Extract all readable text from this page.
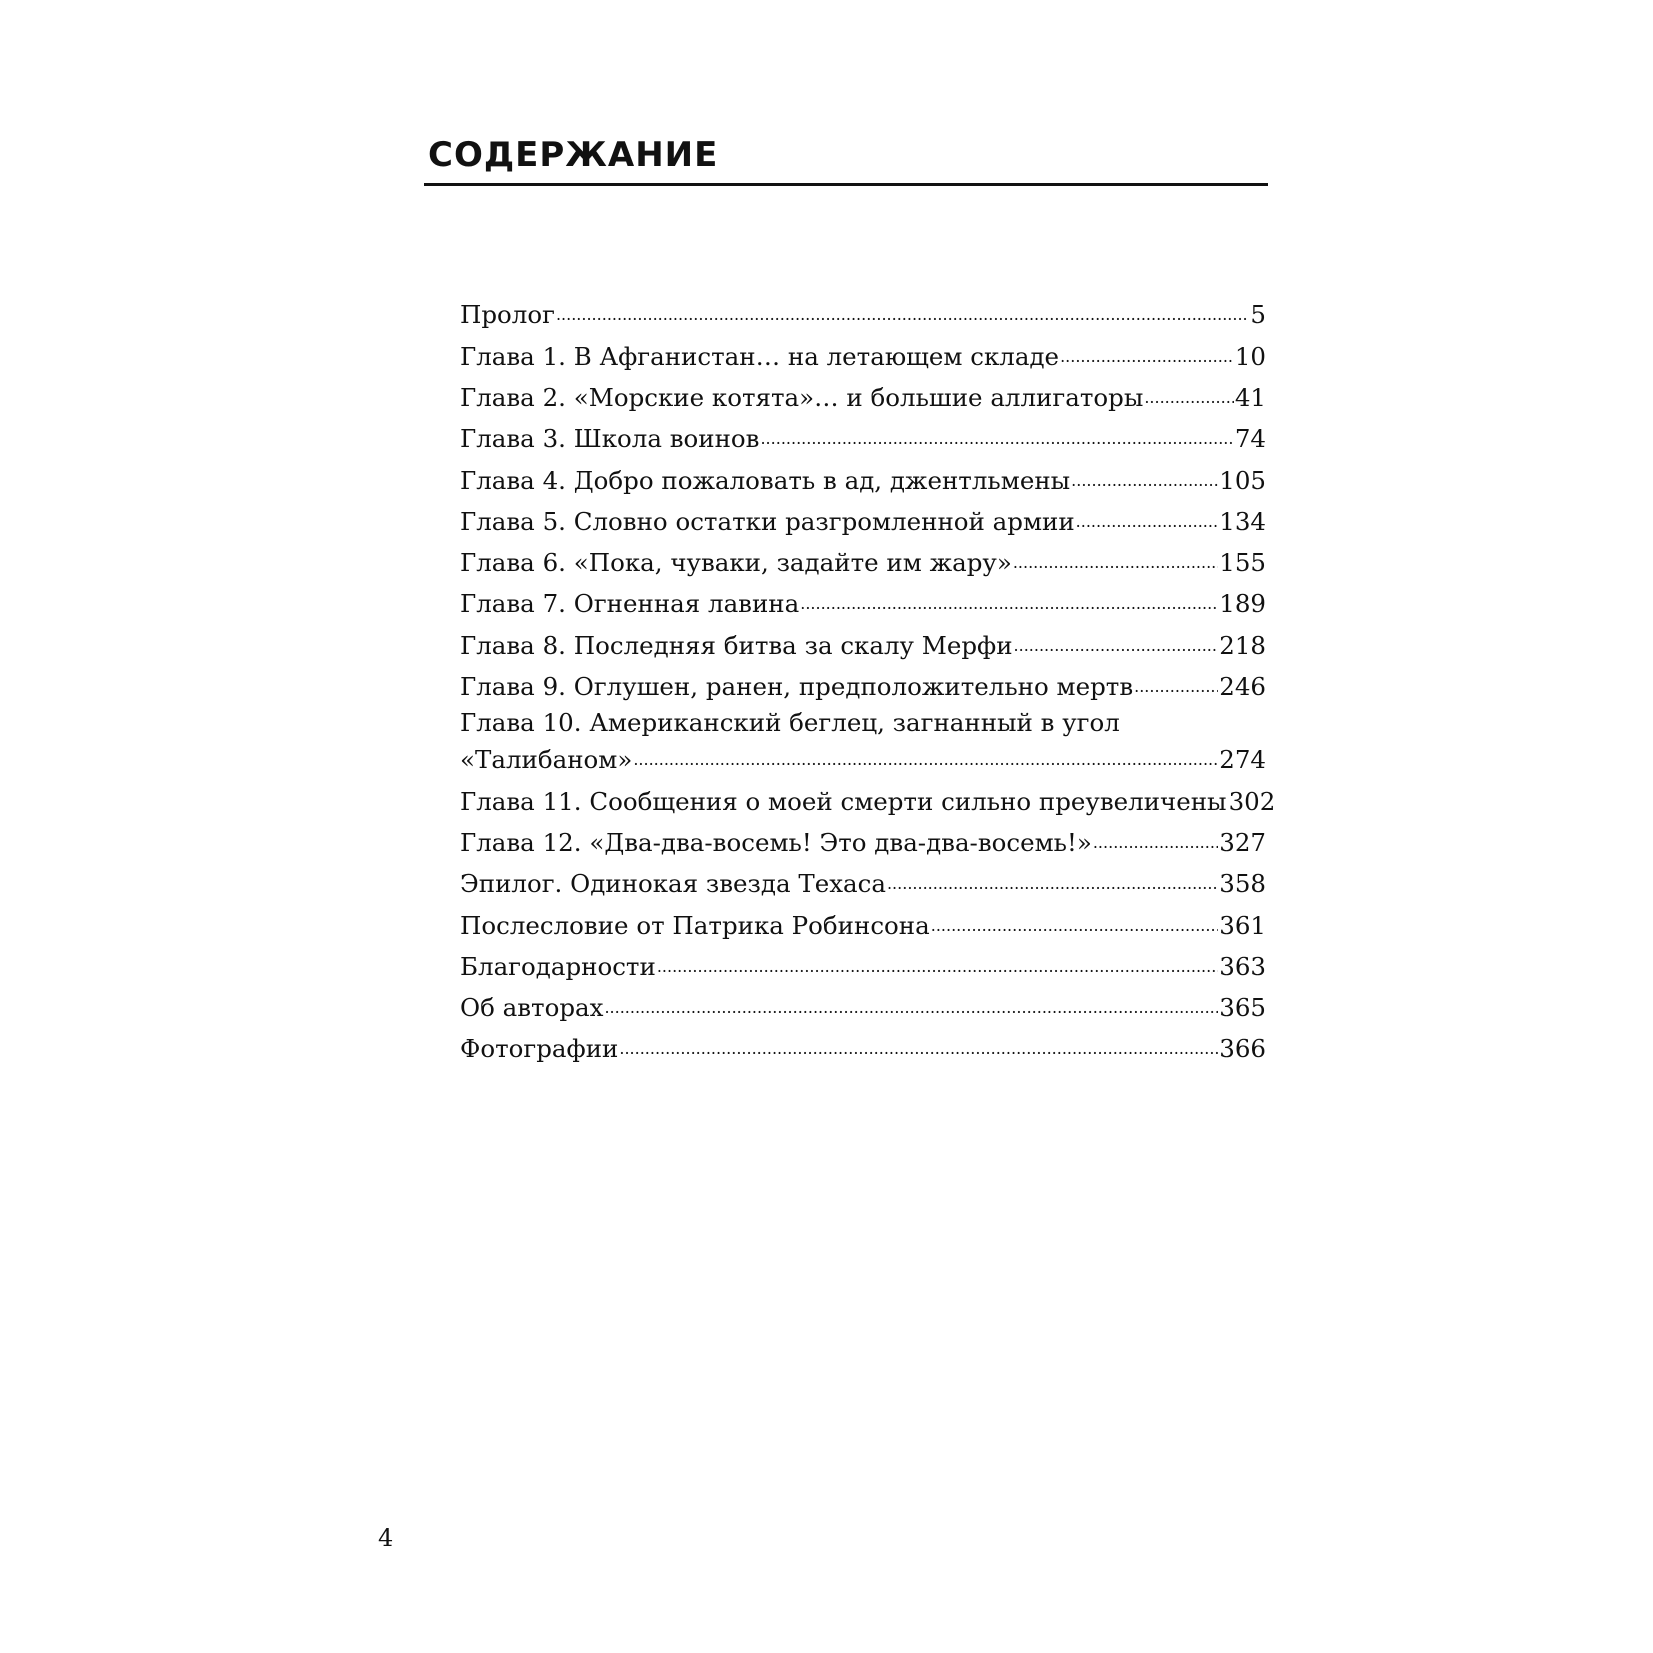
СОДЕРЖАНИЕ
Пролог .....	5
Глава 1. В Афганистан… на летающем складе .....	10
Глава 2. «Морские котята»… и большие аллигаторы .....	41
Глава 3. Школа воинов .....	74
Глава 4. Добро пожаловать в ад, джентльмены .....	105
Глава 5. Словно остатки разгромленной армии .....	134
Глава 6. «Пока, чуваки, задайте им жару» .....	155
Глава 7. Огненная лавина .....	189
Глава 8. Последняя битва за скалу Мерфи .....	218
Глава 9. Оглушен, ранен, предположительно мертв .....	246
Глава 10. Американский беглец, загнанный в угол
«Талибаном» .....	274
Глава 11. Сообщения о моей смерти сильно преувеличены 302
Глава 12. «Два-два-восемь! Это два-два-восемь!» .....	327
Эпилог. Одинокая звезда Техаса .....	358
Послесловие от Патрика Робинсона .....	361
Благодарности .....	363
Об авторах .....	365
Фотографии .....	366
4
